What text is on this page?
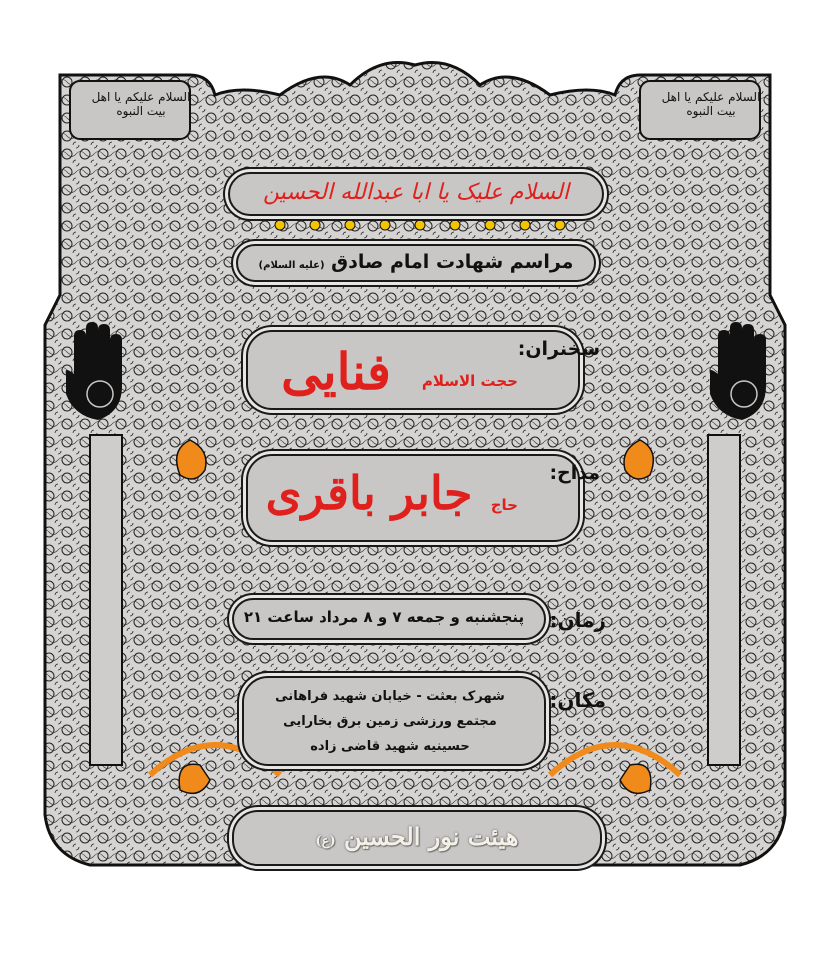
السلام علیکم یا اهل بیت النبوه
السلام علیکم یا اهل بیت النبوه
السلام علیک یا ابا عبدالله الحسین
مراسم شهادت امام صادق (علیه السلام)
سخنران:
حجت الاسلام
فنایی
مداح:
حاج
جابر باقری
پنجشنبه و جمعه ۷ و ۸ مرداد ساعت ۲۱	زمان:
شهرک بعثت - خیابان شهید فراهانی
مجتمع ورزشی زمین برق بخارایی
حسینیه شهید قاضی زاده
مکان:
هیئت نور الحسین (ع)
